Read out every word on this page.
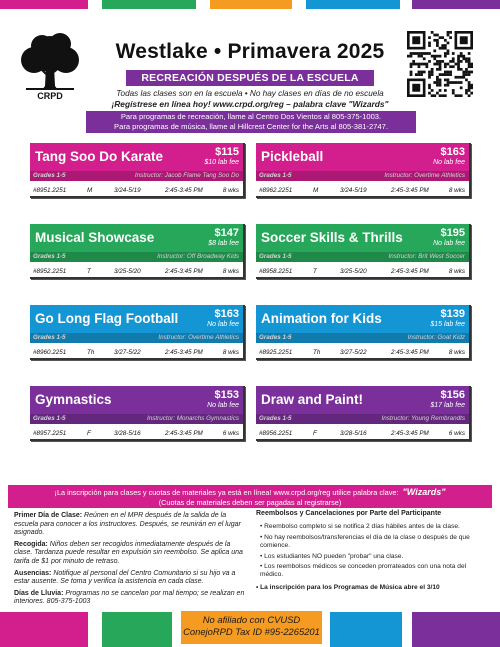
CRPD
Westlake • Primavera 2025
RECREACIÓN DESPUÉS DE LA ESCUELA
Todas las clases son en la escuela • No hay clases en días de no escuela
¡Regístrese en línea hoy! www.crpd.org/reg – palabra clave "Wizards"
Para programas de recreación, llame al Centro Dos Vientos al 805-375-1003.
Para programas de música, llame al Hillcrest Center for the Arts al 805-381-2747.
Tang Soo Do Karate	$115
$10 lab fee
Grades 1-5	Instructor: Jacob Flame Tang Soo Do
#8951.2251	M	3/24-5/19	2:45-3:45 PM	8 wks
Pickleball	$163
No lab fee
Grades 1-5	Instructor: Overtime Athletics
#8962.2251	M	3/24-5/19	2:45-3:45 PM	8 wks
Musical Showcase	$147
$8 lab fee
Grades 1-5	Instructor: Off Broadway Kids
#8952.2251	T	3/25-5/20	2:45-3:45 PM	8 wks
Soccer Skills & Thrills	$195
No lab fee
Grades 1-5	Instructor: Brit West Soccer
#8958.2251	T	3/25-5/20	2:45-3:45 PM	8 wks
Go Long Flag Football	$163
No lab fee
Grades 1-5	Instructor: Overtime Athletics
#8960.2251	Th	3/27-5/22	2:45-3:45 PM	8 wks
Animation for Kids	$139
$15 lab fee
Grades 1-5	Instructor: Goat Kidz
#8925.2251	Th	3/27-5/22	2:45-3:45 PM	8 wks
Gymnastics	$153
No lab fee
Grades 1-5	Instructor: Monarchs Gymnastics
#8957.2251	F	3/28-5/16	2:45-3:45 PM	6 wks
Draw and Paint!	$156
$17 lab fee
Grades 1-5	Instructor: Young Rembrandts
#8956.2251	F	3/28-5/16	2:45-3:45 PM	6 wks
¡La inscripción para clases y cuotas de materiales ya está en línea! www.crpd.org/reg utilice palabra clave: "Wizards"
(Cuotas de materiales deben ser pagadas al registrarse)

Primer Día de Clase: Reúnen en el MPR después de la salida de la escuela para conocer a los instructores. Después, se reunirán en el lugar asignado.

Recogida: Niños deben ser recogidos inmediatamente después de la clase. Tardanza puede resultar en expulsión sin reembolso. Se aplica una tarifa de $1 por minuto de retraso.

Ausencias: Notifique al personal del Centro Comunitario si su hijo va a estar ausente. Se toma y verifica la asistencia en cada clase.

Días de Lluvia: Programas no se cancelan por mal tiempo; se realizan en interiores. 805-375-1003

Reembolsos y Cancelaciones por Parte del Participante
• Reembolso completo si se notifica 2 días hábiles antes de la clase.
• No hay reembolsos/transferencias el día de la clase o después de que comience.
• Los estudiantes NO pueden "probar" una clase.
• Los reembolsos médicos se conceden prorrateados con una nota del médico.
• La inscripción para los Programas de Música abre el 3/10
No afiliado con CVUSD
ConejoRPD Tax ID #95-2265201
